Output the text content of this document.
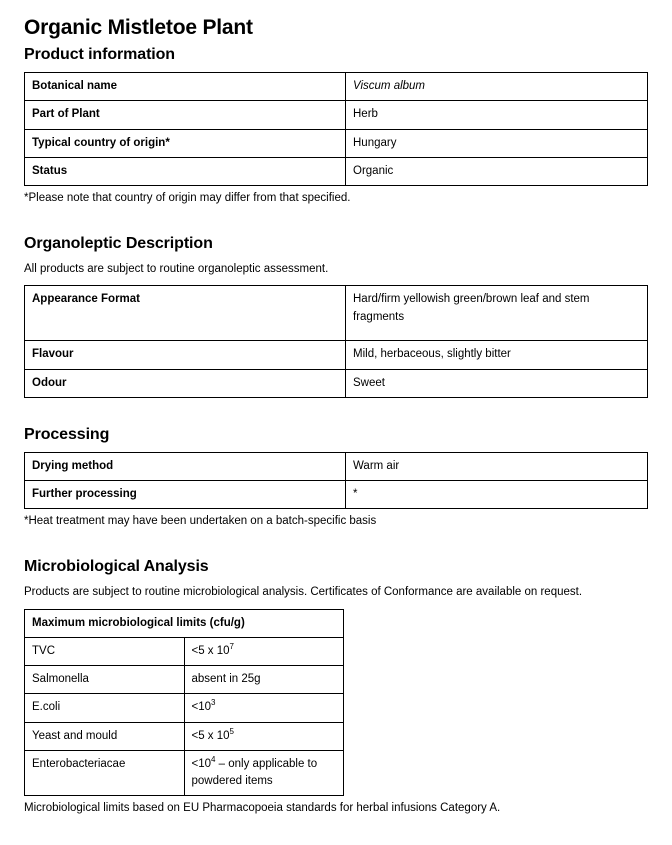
Organic Mistletoe Plant
Product information
Botanical name	Viscum album
Part of Plant	Herb
Typical country of origin*	Hungary
Status	Organic

*Please note that country of origin may differ from that specified.

Organoleptic Description

All products are subject to routine organoleptic assessment.

Appearance Format	Hard/firm yellowish green/brown leaf and stem
fragments

Flavour	Mild, herbaceous, slightly bitter
Odour	Sweet
Processing
Drying method	Warm air
Further processing	*

*Heat treatment may have been undertaken on a batch-specific basis

Microbiological Analysis

Products are subject to routine microbiological analysis. Certificates of Conformance are available on request.

Maximum microbiological limits (cfu/g)	
TVC	<5 x $10^7$
Salmonella	absent in 25g
E.coli	$<10^3$
Yeast and mould	<5 x $10^5$
Enterobacteriacae	$<10^4$ – only applicable to powdered items

Microbiological limits based on EU Pharmacopoeia standards for herbal infusions Category A.
